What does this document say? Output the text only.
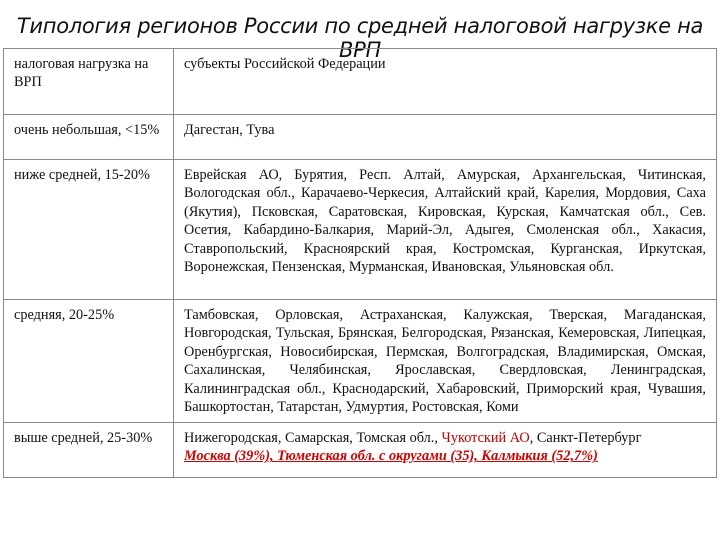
Типология регионов России по средней налоговой нагрузке на ВРП
налоговая нагрузка на ВРП	субъекты Российской Федерации
очень небольшая, <15%	Дагестан, Тува
ниже средней, 15-20%	Еврейская АО, Бурятия, Респ. Алтай, Амурская, Архангельская, Читинская, Вологодская обл., Карачаево-Черкесия, Алтайский край, Карелия, Мордовия, Саха (Якутия), Псковская, Саратовская, Кировская, Курская, Камчатская обл., Сев. Осетия, Кабардино-Балкария, Марий-Эл, Адыгея, Смоленская обл., Хакасия, Ставропольский, Красноярский края, Костромская, Курганская, Иркутская, Воронежская, Пензенская, Мурманская, Ивановская, Ульяновская обл.
средняя, 20-25%	Тамбовская, Орловская, Астраханская, Калужская, Тверская, Магаданская, Новгородская, Тульская, Брянская, Белгородская, Рязанская, Кемеровская, Липецкая, Оренбургская, Новосибирская, Пермская, Волгоградская, Владимирская, Омская, Сахалинская, Челябинская, Ярославская, Свердловская, Ленинградская, Калининградская обл., Краснодарский, Хабаровский, Приморский края, Чувашия, Башкортостан, Татарстан, Удмуртия, Ростовская, Коми
выше средней, 25-30%	Нижегородская, Самарская, Томская обл., Чукотский АО, Санкт-Петербург
Москва (39%), Тюменская обл. с округами (35), Калмыкия (52,7%)
